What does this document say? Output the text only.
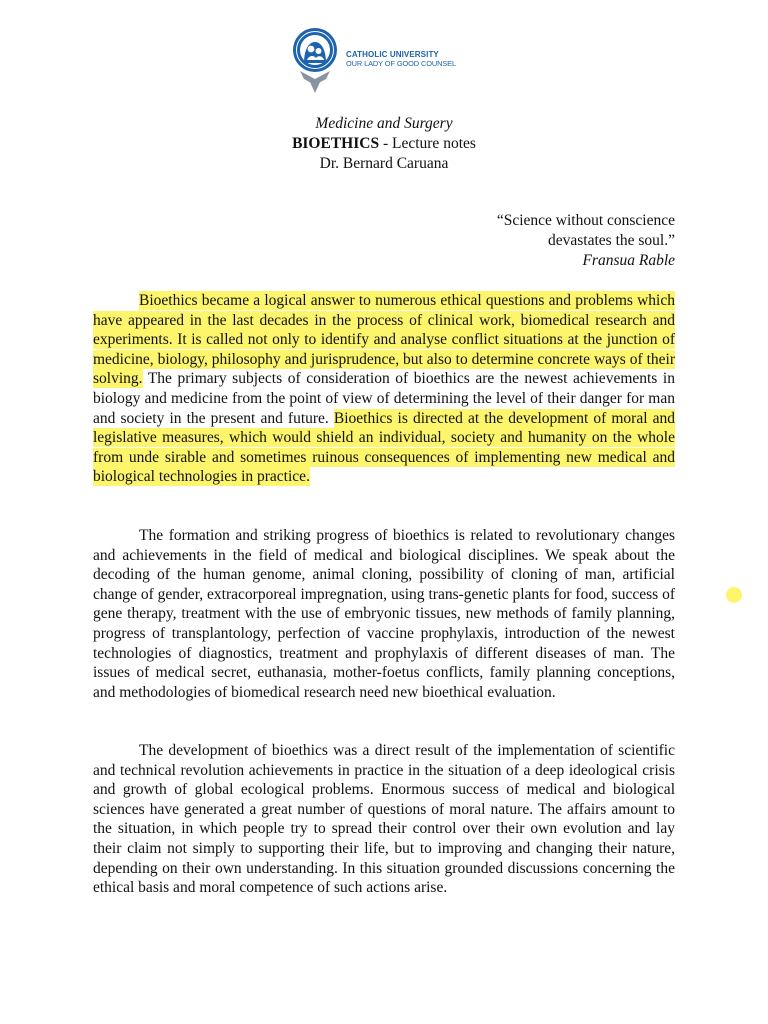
CATHOLIC UNIVERSITY
OUR LADY OF GOOD COUNSEL
Medicine and Surgery
BIOETHICS - Lecture notes
Dr. Bernard Caruana
“Science without conscience
devastates the soul.”
Fransua Rable

Bioethics became a logical answer to numerous ethical questions and problems which have appeared in the last decades in the process of clinical work, biomedical research and experiments. It is called not only to identify and analyse conflict situations at the junction of medicine, biology, philosophy and jurisprudence, but also to determine concrete ways of their solving. The primary subjects of consideration of bioethics are the newest achievements in biology and medicine from the point of view of determining the level of their danger for man and society in the present and future. Bioethics is directed at the development of moral and legislative measures, which would shield an individual, society and humanity on the whole from unde sirable and sometimes ruinous consequences of implementing new medical and biological technologies in practice.

The formation and striking progress of bioethics is related to revolutionary changes and achievements in the field of medical and biological disciplines. We speak about the decoding of the human genome, animal cloning, possibility of cloning of man, artificial change of gender, extracorporeal impregnation, using trans-genetic plants for food, success of gene therapy, treatment with the use of embryonic tissues, new methods of family planning, progress of transplantology, perfection of vaccine prophylaxis, introduction of the newest technologies of diagnostics, treatment and prophylaxis of different diseases of man. The issues of medical secret, euthanasia, mother-foetus conflicts, family planning conceptions, and methodologies of biomedical research need new bioethical evaluation.

The development of bioethics was a direct result of the implementation of scientific and technical revolution achievements in practice in the situation of a deep ideological crisis and growth of global ecological problems. Enormous success of medical and biological sciences have generated a great number of questions of moral nature. The affairs amount to the situation, in which people try to spread their control over their own evolution and lay their claim not simply to supporting their life, but to improving and changing their nature, depending on their own understanding. In this situation grounded discussions concerning the ethical basis and moral competence of such actions arise.
